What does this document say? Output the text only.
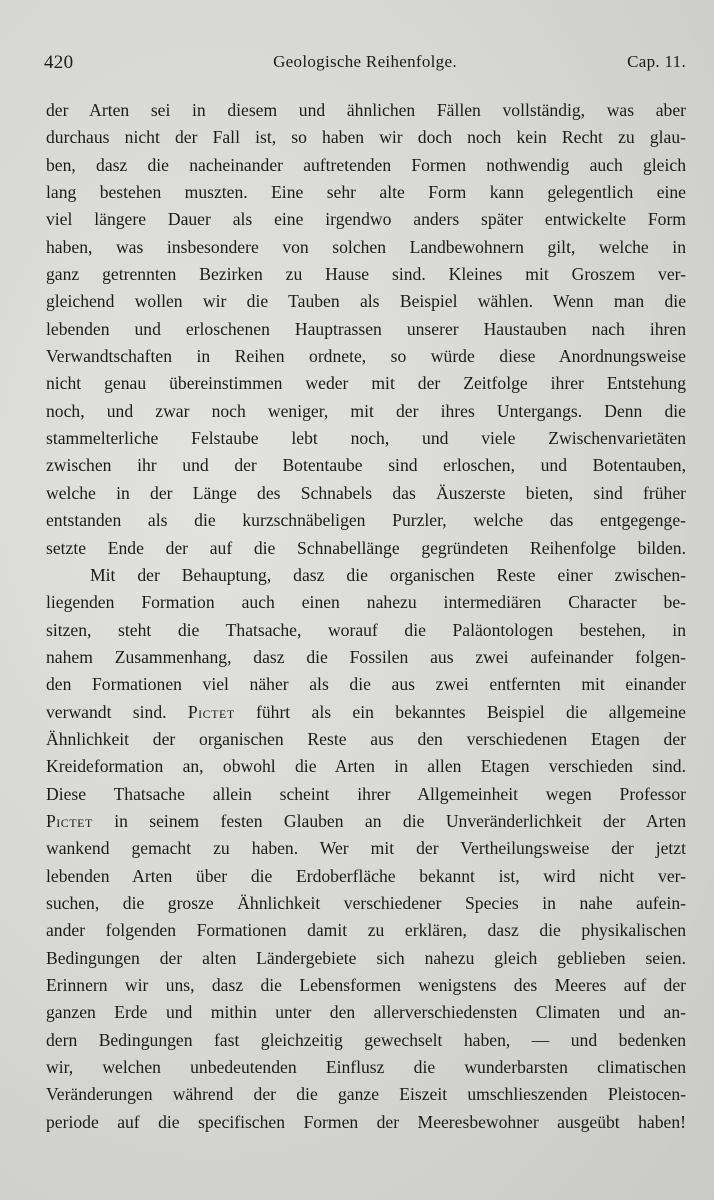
420	Geologische Reihenfolge.	Cap. 11.
der Arten sei in diesem und ähnlichen Fällen vollständig, was aber
durchaus nicht der Fall ist, so haben wir doch noch kein Recht zu glau-
ben, dasz die nacheinander auftretenden Formen nothwendig auch gleich
lang bestehen muszten. Eine sehr alte Form kann gelegentlich eine
viel längere Dauer als eine irgendwo anders später entwickelte Form
haben, was insbesondere von solchen Landbewohnern gilt, welche in
ganz getrennten Bezirken zu Hause sind. Kleines mit Groszem ver-
gleichend wollen wir die Tauben als Beispiel wählen. Wenn man die
lebenden und erloschenen Hauptrassen unserer Haustauben nach ihren
Verwandtschaften in Reihen ordnete, so würde diese Anordnungsweise
nicht genau übereinstimmen weder mit der Zeitfolge ihrer Entstehung
noch, und zwar noch weniger, mit der ihres Untergangs. Denn die
stammelterliche Felstaube lebt noch, und viele Zwischenvarietäten
zwischen ihr und der Botentaube sind erloschen, und Botentauben,
welche in der Länge des Schnabels das Äuszerste bieten, sind früher
entstanden als die kurzschnäbeligen Purzler, welche das entgegenge-
setzte Ende der auf die Schnabellänge gegründeten Reihenfolge bilden.
Mit der Behauptung, dasz die organischen Reste einer zwischen-
liegenden Formation auch einen nahezu intermediären Character be-
sitzen, steht die Thatsache, worauf die Paläontologen bestehen, in
nahem Zusammenhang, dasz die Fossilen aus zwei aufeinander folgen-
den Formationen viel näher als die aus zwei entfernten mit einander
verwandt sind. Pictet führt als ein bekanntes Beispiel die allgemeine
Ähnlichkeit der organischen Reste aus den verschiedenen Etagen der
Kreideformation an, obwohl die Arten in allen Etagen verschieden sind.
Diese Thatsache allein scheint ihrer Allgemeinheit wegen Professor
Pictet in seinem festen Glauben an die Unveränderlichkeit der Arten
wankend gemacht zu haben. Wer mit der Vertheilungsweise der jetzt
lebenden Arten über die Erdoberfläche bekannt ist, wird nicht ver-
suchen, die grosze Ähnlichkeit verschiedener Species in nahe aufein-
ander folgenden Formationen damit zu erklären, dasz die physikalischen
Bedingungen der alten Ländergebiete sich nahezu gleich geblieben seien.
Erinnern wir uns, dasz die Lebensformen wenigstens des Meeres auf der
ganzen Erde und mithin unter den allerverschiedensten Climaten und an-
dern Bedingungen fast gleichzeitig gewechselt haben, — und bedenken
wir, welchen unbedeutenden Einflusz die wunderbarsten climatischen
Veränderungen während der die ganze Eiszeit umschlieszenden Pleistocen-
periode auf die specifischen Formen der Meeresbewohner ausgeübt haben!
